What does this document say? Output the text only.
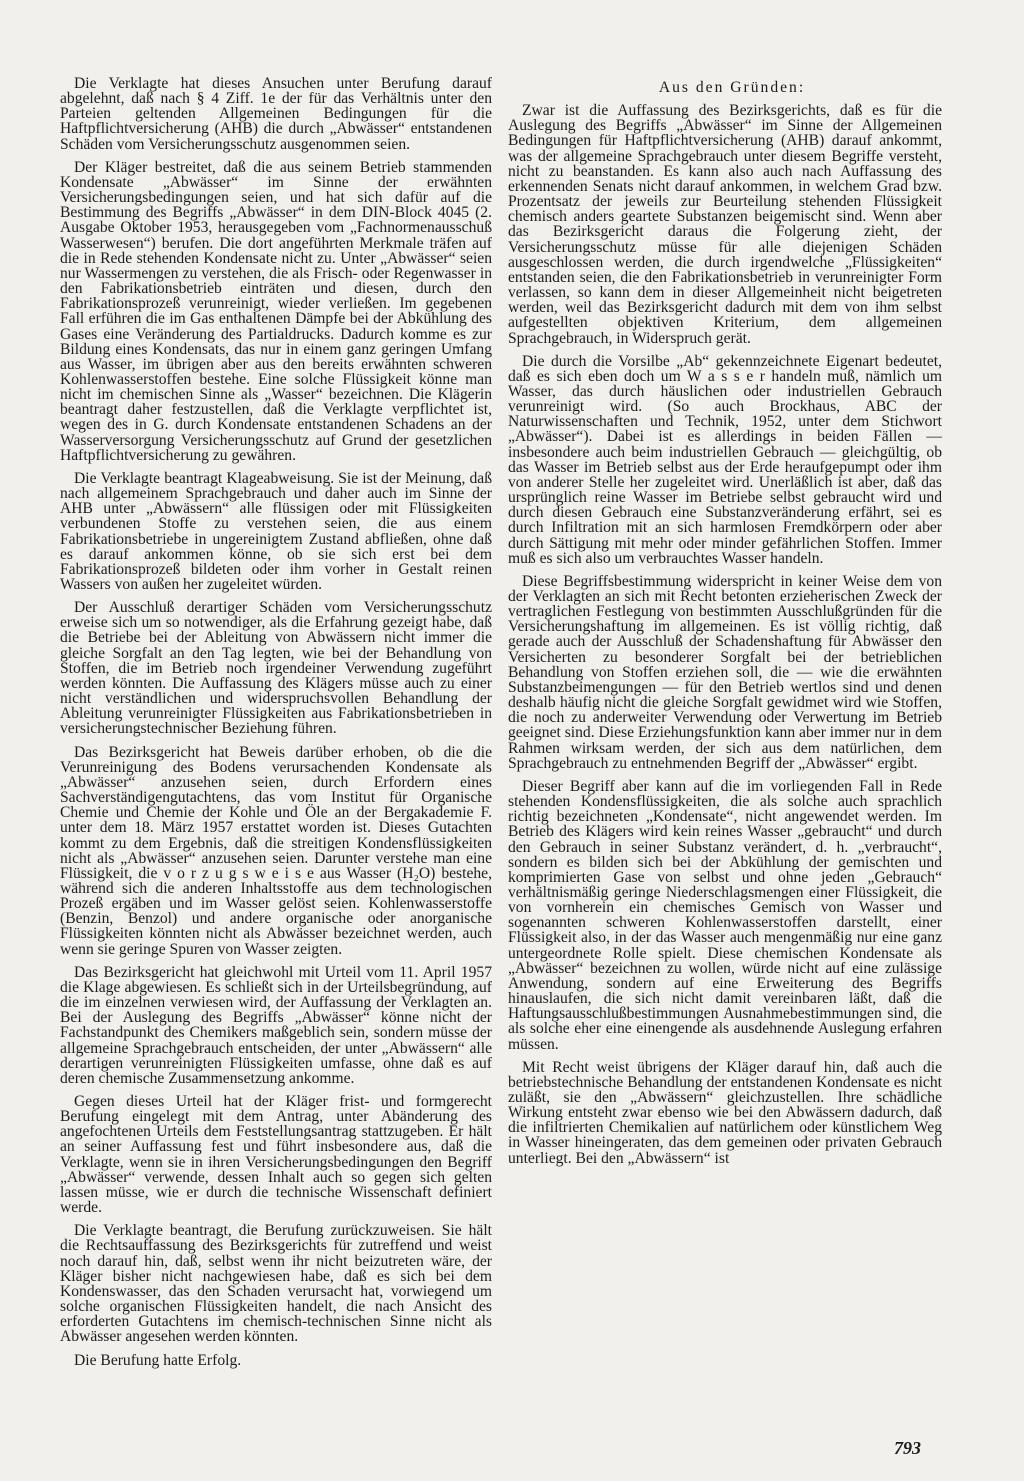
Die Verklagte hat dieses Ansuchen unter Berufung darauf abgelehnt, daß nach § 4 Ziff. 1e der für das Verhältnis unter den Parteien geltenden Allgemeinen Bedingungen für die Haftpflichtversicherung (AHB) die durch „Abwässer“ entstandenen Schäden vom Versicherungsschutz ausgenommen seien.

Der Kläger bestreitet, daß die aus seinem Betrieb stammenden Kondensate „Abwässer“ im Sinne der erwähnten Versicherungsbedingungen seien, und hat sich dafür auf die Bestimmung des Begriffs „Abwässer“ in dem DIN-Block 4045 (2. Ausgabe Oktober 1953, herausgegeben vom „Fachnormenausschuß Wasserwesen“) berufen. Die dort angeführten Merkmale träfen auf die in Rede stehenden Kondensate nicht zu. Unter „Abwässer“ seien nur Wassermengen zu verstehen, die als Frisch- oder Regenwasser in den Fabrikationsbetrieb einträten und diesen, durch den Fabrikationsprozeß verunreinigt, wieder verließen. Im gegebenen Fall erführen die im Gas enthaltenen Dämpfe bei der Abkühlung des Gases eine Veränderung des Partialdrucks. Dadurch komme es zur Bildung eines Kondensats, das nur in einem ganz geringen Umfang aus Wasser, im übrigen aber aus den bereits erwähnten schweren Kohlenwasserstoffen bestehe. Eine solche Flüssigkeit könne man nicht im chemischen Sinne als „Wasser“ bezeichnen. Die Klägerin beantragt daher festzustellen, daß die Verklagte verpflichtet ist, wegen des in G. durch Kondensate entstandenen Schadens an der Wasserversorgung Versicherungsschutz auf Grund der gesetzlichen Haftpflichtversicherung zu gewähren.

Die Verklagte beantragt Klageabweisung. Sie ist der Meinung, daß nach allgemeinem Sprachgebrauch und daher auch im Sinne der AHB unter „Abwässern“ alle flüssigen oder mit Flüssigkeiten verbundenen Stoffe zu verstehen seien, die aus einem Fabrikationsbetriebe in ungereinigtem Zustand abfließen, ohne daß es darauf ankommen könne, ob sie sich erst bei dem Fabrikationsprozeß bildeten oder ihm vorher in Gestalt reinen Wassers von außen her zugeleitet würden.

Der Ausschluß derartiger Schäden vom Versicherungsschutz erweise sich um so notwendiger, als die Erfahrung gezeigt habe, daß die Betriebe bei der Ableitung von Abwässern nicht immer die gleiche Sorgfalt an den Tag legten, wie bei der Behandlung von Stoffen, die im Betrieb noch irgendeiner Verwendung zugeführt werden könnten. Die Auffassung des Klägers müsse auch zu einer nicht verständlichen und widerspruchsvollen Behandlung der Ableitung verunreinigter Flüssigkeiten aus Fabrikationsbetrieben in versicherungstechnischer Beziehung führen.

Das Bezirksgericht hat Beweis darüber erhoben, ob die die Verunreinigung des Bodens verursachenden Kondensate als „Abwässer“ anzusehen seien, durch Erfordern eines Sachverständigengutachtens, das vom Institut für Organische Chemie und Chemie der Kohle und Öle an der Bergakademie F. unter dem 18. März 1957 erstattet worden ist. Dieses Gutachten kommt zu dem Ergebnis, daß die streitigen Kondensflüssigkeiten nicht als „Abwässer“ anzusehen seien. Darunter verstehe man eine Flüssigkeit, die v o r z u g s w e i s e aus Wasser (H₂O) bestehe, während sich die anderen Inhaltsstoffe aus dem technologischen Prozeß ergäben und im Wasser gelöst seien. Kohlenwasserstoffe (Benzin, Benzol) und andere organische oder anorganische Flüssigkeiten könnten nicht als Abwässer bezeichnet werden, auch wenn sie geringe Spuren von Wasser zeigten.

Das Bezirksgericht hat gleichwohl mit Urteil vom 11. April 1957 die Klage abgewiesen. Es schließt sich in der Urteilsbegründung, auf die im einzelnen verwiesen wird, der Auffassung der Verklagten an. Bei der Auslegung des Begriffs „Abwässer“ könne nicht der Fachstandpunkt des Chemikers maßgeblich sein, sondern müsse der allgemeine Sprachgebrauch entscheiden, der unter „Abwässern“ alle derartigen verunreinigten Flüssigkeiten umfasse, ohne daß es auf deren chemische Zusammensetzung ankomme.

Gegen dieses Urteil hat der Kläger frist- und formgerecht Berufung eingelegt mit dem Antrag, unter Abänderung des angefochtenen Urteils dem Feststellungsantrag stattzugeben. Er hält an seiner Auffassung fest und führt insbesondere aus, daß die Verklagte, wenn sie in ihren Versicherungsbedingungen den Begriff „Abwässer“ verwende, dessen Inhalt auch so gegen sich gelten lassen müsse, wie er durch die technische Wissenschaft definiert werde.

Die Verklagte beantragt, die Berufung zurückzuweisen. Sie hält die Rechtsauffassung des Bezirksgerichts für zutreffend und weist noch darauf hin, daß, selbst wenn ihr nicht beizutreten wäre, der Kläger bisher nicht nachgewiesen habe, daß es sich bei dem Kondenswasser, das den Schaden verursacht hat, vorwiegend um solche organischen Flüssigkeiten handelt, die nach Ansicht des erforderten Gutachtens im chemisch-technischen Sinne nicht als Abwässer angesehen werden könnten.

Die Berufung hatte Erfolg.

Aus den Gründen:

Zwar ist die Auffassung des Bezirksgerichts, daß es für die Auslegung des Begriffs „Abwässer“ im Sinne der Allgemeinen Bedingungen für Haftpflichtversicherung (AHB) darauf ankommt, was der allgemeine Sprachgebrauch unter diesem Begriffe versteht, nicht zu beanstanden. Es kann also auch nach Auffassung des erkennenden Senats nicht darauf ankommen, in welchem Grad bzw. Prozentsatz der jeweils zur Beurteilung stehenden Flüssigkeit chemisch anders geartete Substanzen beigemischt sind. Wenn aber das Bezirksgericht daraus die Folgerung zieht, der Versicherungsschutz müsse für alle diejenigen Schäden ausgeschlossen werden, die durch irgendwelche „Flüssigkeiten“ entstanden seien, die den Fabrikationsbetrieb in verunreinigter Form verlassen, so kann dem in dieser Allgemeinheit nicht beigetreten werden, weil das Bezirksgericht dadurch mit dem von ihm selbst aufgestellten objektiven Kriterium, dem allgemeinen Sprachgebrauch, in Widerspruch gerät.

Die durch die Vorsilbe „Ab“ gekennzeichnete Eigenart bedeutet, daß es sich eben doch um W a s s e r handeln muß, nämlich um Wasser, das durch häuslichen oder industriellen Gebrauch verunreinigt wird. (So auch Brockhaus, ABC der Naturwissenschaften und Technik, 1952, unter dem Stichwort „Abwässer“). Dabei ist es allerdings in beiden Fällen — insbesondere auch beim industriellen Gebrauch — gleichgültig, ob das Wasser im Betrieb selbst aus der Erde heraufgepumpt oder ihm von anderer Stelle her zugeleitet wird. Unerläßlich ist aber, daß das ursprünglich reine Wasser im Betriebe selbst gebraucht wird und durch diesen Gebrauch eine Substanzveränderung erfährt, sei es durch Infiltration mit an sich harmlosen Fremdkörpern oder aber durch Sättigung mit mehr oder minder gefährlichen Stoffen. Immer muß es sich also um verbrauchtes Wasser handeln.

Diese Begriffsbestimmung widerspricht in keiner Weise dem von der Verklagten an sich mit Recht betonten erzieherischen Zweck der vertraglichen Festlegung von bestimmten Ausschlußgründen für die Versicherungshaftung im allgemeinen. Es ist völlig richtig, daß gerade auch der Ausschluß der Schadenshaftung für Abwässer den Versicherten zu besonderer Sorgfalt bei der betrieblichen Behandlung von Stoffen erziehen soll, die — wie die erwähnten Substanzbeimengungen — für den Betrieb wertlos sind und denen deshalb häufig nicht die gleiche Sorgfalt gewidmet wird wie Stoffen, die noch zu anderweiter Verwendung oder Verwertung im Betrieb geeignet sind. Diese Erziehungsfunktion kann aber immer nur in dem Rahmen wirksam werden, der sich aus dem natürlichen, dem Sprachgebrauch zu entnehmenden Begriff der „Abwässer“ ergibt.

Dieser Begriff aber kann auf die im vorliegenden Fall in Rede stehenden Kondensflüssigkeiten, die als solche auch sprachlich richtig bezeichneten „Kondensate“, nicht angewendet werden. Im Betrieb des Klägers wird kein reines Wasser „gebraucht“ und durch den Gebrauch in seiner Substanz verändert, d. h. „verbraucht“, sondern es bilden sich bei der Abkühlung der gemischten und komprimierten Gase von selbst und ohne jeden „Gebrauch“ verhältnismäßig geringe Niederschlagsmengen einer Flüssigkeit, die von vornherein ein chemisches Gemisch von Wasser und sogenannten schweren Kohlenwasserstoffen darstellt, einer Flüssigkeit also, in der das Wasser auch mengenmäßig nur eine ganz untergeordnete Rolle spielt. Diese chemischen Kondensate als „Abwässer“ bezeichnen zu wollen, würde nicht auf eine zulässige Anwendung, sondern auf eine Erweiterung des Begriffs hinauslaufen, die sich nicht damit vereinbaren läßt, daß die Haftungsausschlußbestimmungen Ausnahmebestimmungen sind, die als solche eher eine einengende als ausdehnende Auslegung erfahren müssen.

Mit Recht weist übrigens der Kläger darauf hin, daß auch die betriebstechnische Behandlung der entstandenen Kondensate es nicht zuläßt, sie den „Abwässern“ gleichzustellen. Ihre schädliche Wirkung entsteht zwar ebenso wie bei den Abwässern dadurch, daß die infiltrierten Chemikalien auf natürlichem oder künstlichem Weg in Wasser hineingeraten, das dem gemeinen oder privaten Gebrauch unterliegt. Bei den „Abwässern“ ist

793
